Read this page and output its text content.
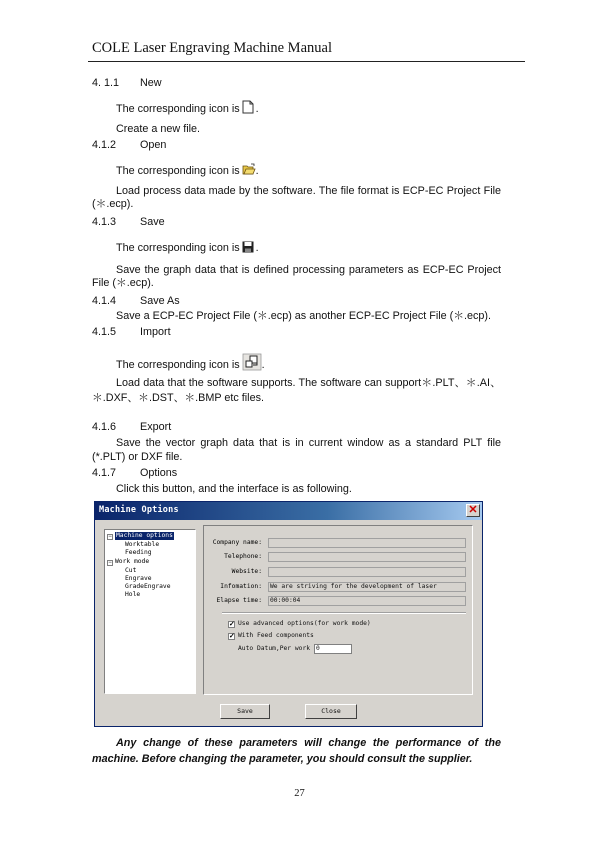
COLE Laser Engraving Machine Manual
4. 1.1 New
The corresponding icon is .
Create a new file.
4.1.2 Open
The corresponding icon is .
Load process data made by the software. The file format is ECP-EC Project File (＊.ecp).
4.1.3 Save
The corresponding icon is .
Save the graph data that is defined processing parameters as ECP-EC Project File (＊.ecp).
4.1.4 Save As
Save a ECP-EC Project File (＊.ecp) as another ECP-EC Project File (＊.ecp).
4.1.5 Import
The corresponding icon is .
Load data that the software supports. The software can support＊.PLT、＊.AI、＊.DXF、＊.DST、＊.BMP etc files.
4.1.6 Export
Save the vector graph data that is in current window as a standard PLT file (*.PLT) or DXF file.
4.1.7 Options
Click this button, and the interface is as following.
Machine Options	✕
− Machine options
Worktable
Feeding
− Work mode
Cut
Engrave
GradeEngrave
Hole
Company name:
Telephone:
Website:
Infomation:	We are striving for the development of laser
Elapse time:	00:00:04
✓ Use advanced options(for work mode)
✓ With Feed components
Auto Datum,Per work 0
Save	Close
Any change of these parameters will change the performance of the machine. Before changing the parameter, you should consult the supplier.
27
